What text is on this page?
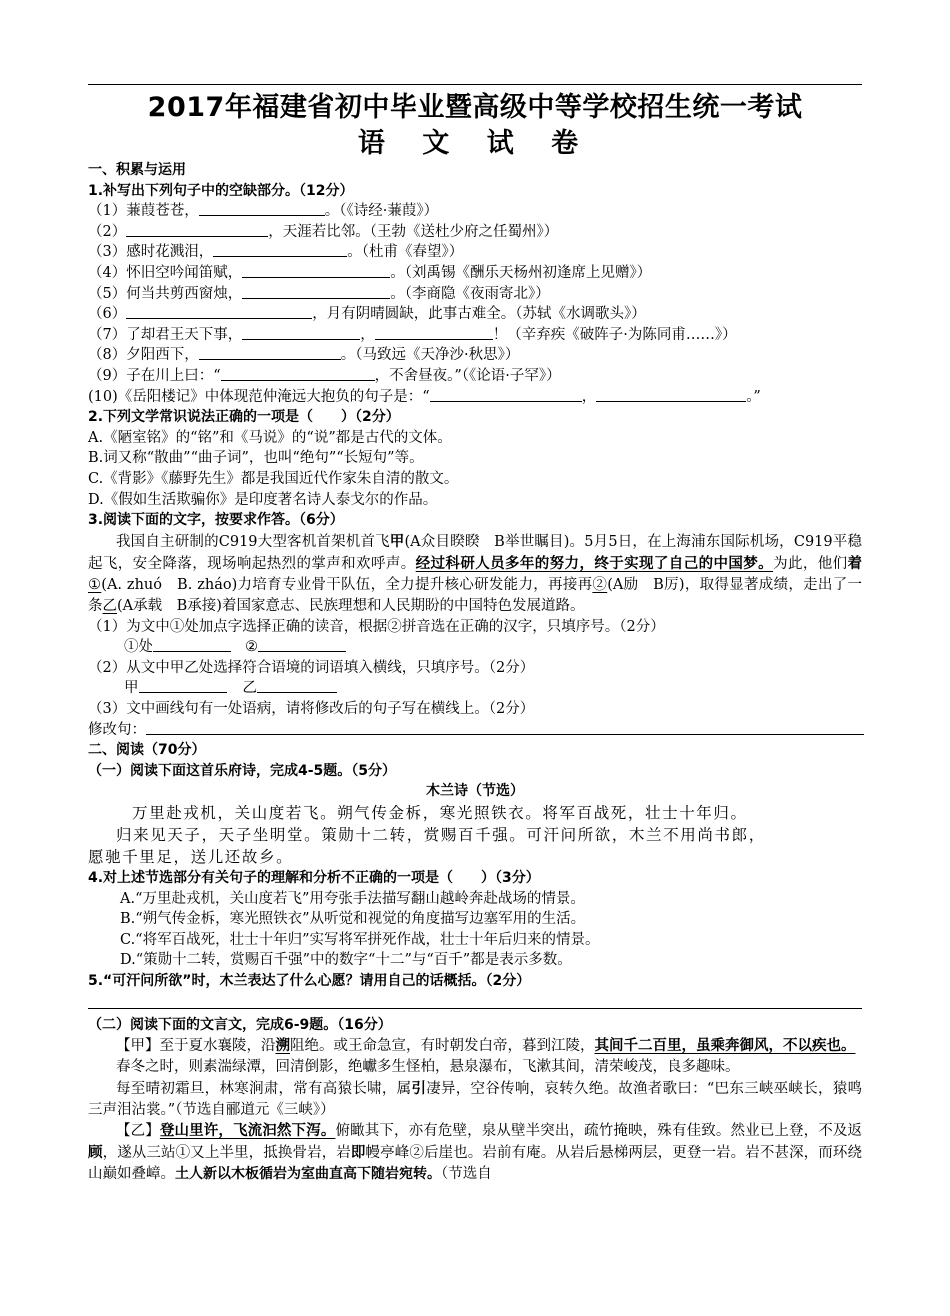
2017年福建省初中毕业暨高级中等学校招生统一考试
语 文 试 卷
一、积累与运用
1.补写出下列句子中的空缺部分。（12分）
（1）蒹葭苍苍，	。（《诗经·蒹葭》）
（2）	，天涯若比邻。（王勃《送杜少府之任蜀州》）
（3）感时花溅泪，	。（杜甫《春望》）
（4）怀旧空吟闻笛赋，	。（刘禹锡《酬乐天杨州初逢席上见赠》）
（5）何当共剪西窗烛，	。（李商隐《夜雨寄北》）
（6）	，月有阴晴圆缺，此事古难全。（苏轼《水调歌头》）
（7）了却君王天下事，	，	！（辛弃疾《破阵子·为陈同甫……》）
（8）夕阳西下，	。（马致远《天净沙·秋思》）
（9）子在川上曰：“	，不舍昼夜。”（《论语·子罕》）
(10)《岳阳楼记》中体现范仲淹远大抱负的句子是：“	，	。”
2.下列文学常识说法正确的一项是（　　）（2分）
A.《陋室铭》的“铭”和《马说》的“说”都是古代的文体。
B.词又称“散曲”“曲子词”，也叫“绝句”“长短句”等。
C.《背影》《藤野先生》都是我国近代作家朱自清的散文。
D.《假如生活欺骗你》是印度著名诗人泰戈尔的作品。
3.阅读下面的文字，按要求作答。（6分）
我国自主研制的C919大型客机首架机首飞甲(A众目睽睽　B举世瞩目)。5月5日，在上海浦东国际机场，C919平稳起飞，安全降落，现场响起热烈的掌声和欢呼声。经过科研人员多年的努力，终于实现了自己的中国梦。为此，他们着①(A. zhuó　B. zháo)力培育专业骨干队伍，全力提升核心研发能力，再接再②(A励　B厉)，取得显著成绩，走出了一条乙(A承载　B承接)着国家意志、民族理想和人民期盼的中国特色发展道路。
（1）为文中①处加点字选择正确的读音，根据②拼音选在正确的汉字，只填序号。（2分）
①处	②
（2）从文中甲乙处选择符合语境的词语填入横线，只填序号。（2分）
甲	乙
（3）文中画线句有一处语病，请将修改后的句子写在横线上。（2分）
修改句：
二、阅读（70分）
（一）阅读下面这首乐府诗，完成4-5题。（5分）
木兰诗（节选）
万里赴戎机，关山度若飞。朔气传金柝，寒光照铁衣。将军百战死，壮士十年归。
归来见天子，天子坐明堂。策勋十二转，赏赐百千强。可汗问所欲，木兰不用尚书郎，
愿驰千里足，送儿还故乡。
4.对上述节选部分有关句子的理解和分析不正确的一项是（　　）（3分）
A.“万里赴戎机，关山度若飞”用夸张手法描写翻山越岭奔赴战场的情景。
B.“朔气传金柝，寒光照铁衣”从听觉和视觉的角度描写边塞军用的生活。
C.“将军百战死，壮士十年归”实写将军拼死作战，壮士十年后归来的情景。
D.“策勋十二转，赏赐百千强”中的数字“十二”与“百千”都是表示多数。
5.“可汗问所欲”时，木兰表达了什么心愿？请用自己的话概括。（2分）
（二）阅读下面的文言文，完成6-9题。（16分）
【甲】至于夏水襄陵，沿溯阻绝。或王命急宣，有时朝发白帝，暮到江陵，其间千二百里，虽乘奔御风，不以疾也。
春冬之时，则素湍绿潭，回清倒影，绝巘多生怪柏，悬泉瀑布，飞漱其间，清荣峻茂，良多趣味。
每至晴初霜旦，林寒涧肃，常有高猿长啸，属引凄异，空谷传响，哀转久绝。故渔者歌曰：“巴东三峡巫峡长，猿鸣三声泪沾裳。”（节选自郦道元《三峡》）
【乙】登山里许，飞流汩然下泻。俯瞰其下，亦有危壁，泉从壁半突出，疏竹掩映，殊有佳致。然业已上登，不及返顾，遂从三站①又上半里，抵换骨岩，岩即幔亭峰②后崖也。岩前有庵。从岩后悬梯两层，更登一岩。岩不甚深，而环绕山巅如叠嶂。土人新以木板循岩为室曲直高下随岩宛转。（节选自
